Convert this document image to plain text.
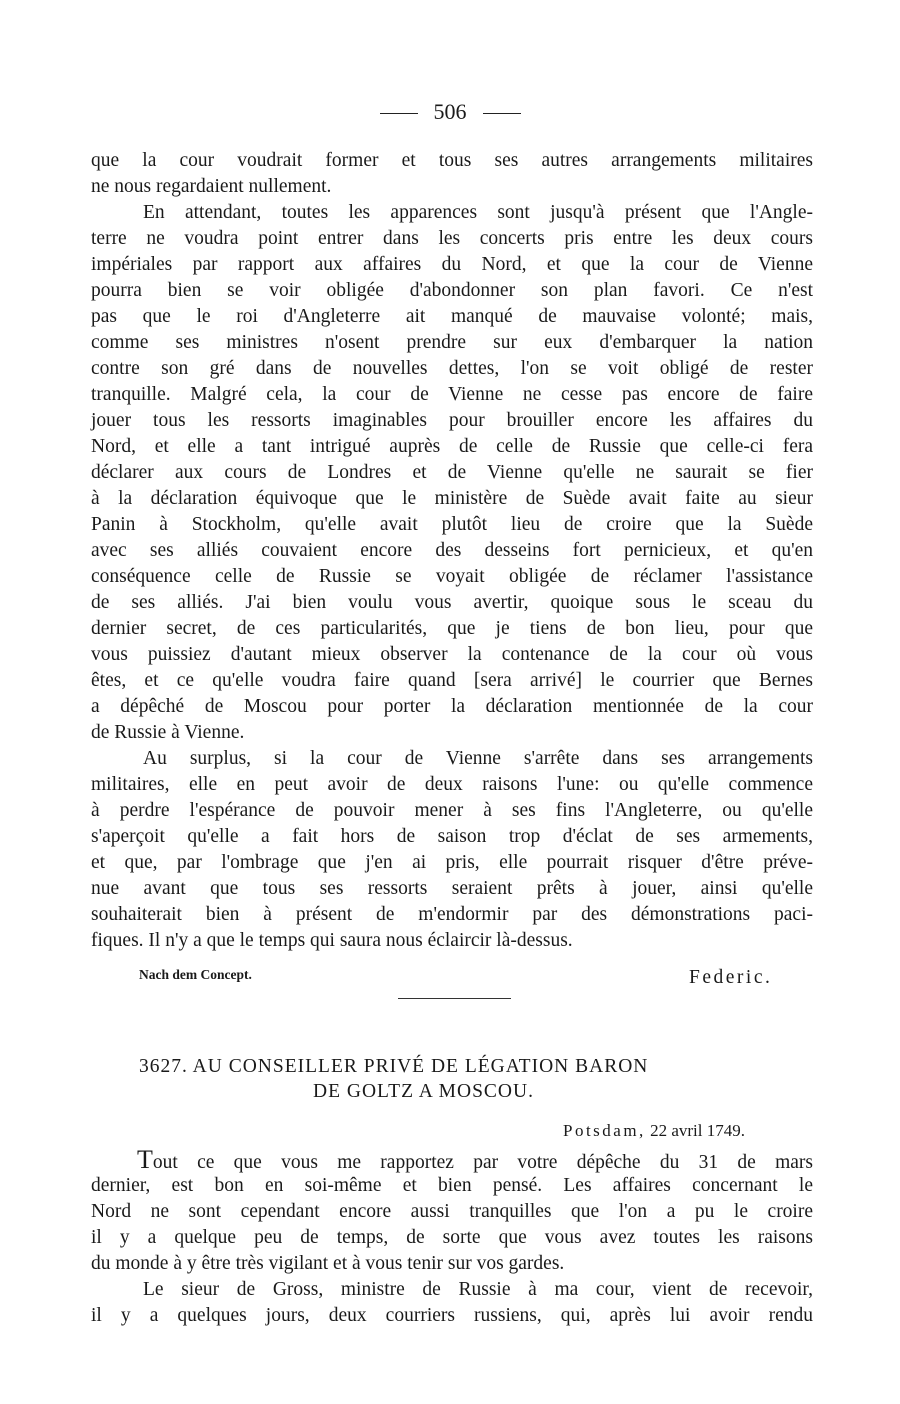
506
que la cour voudrait former et tous ses autres arrangements militaires
ne nous regardaient nullement.
En attendant, toutes les apparences sont jusqu'à présent que l'Angle-
terre ne voudra point entrer dans les concerts pris entre les deux cours
impériales par rapport aux affaires du Nord, et que la cour de Vienne
pourra bien se voir obligée d'abondonner son plan favori. Ce n'est
pas que le roi d'Angleterre ait manqué de mauvaise volonté; mais,
comme ses ministres n'osent prendre sur eux d'embarquer la nation
contre son gré dans de nouvelles dettes, l'on se voit obligé de rester
tranquille. Malgré cela, la cour de Vienne ne cesse pas encore de faire
jouer tous les ressorts imaginables pour brouiller encore les affaires du
Nord, et elle a tant intrigué auprès de celle de Russie que celle-ci fera
déclarer aux cours de Londres et de Vienne qu'elle ne saurait se fier
à la déclaration équivoque que le ministère de Suède avait faite au sieur
Panin à Stockholm, qu'elle avait plutôt lieu de croire que la Suède
avec ses alliés couvaient encore des desseins fort pernicieux, et qu'en
conséquence celle de Russie se voyait obligée de réclamer l'assistance
de ses alliés. J'ai bien voulu vous avertir, quoique sous le sceau du
dernier secret, de ces particularités, que je tiens de bon lieu, pour que
vous puissiez d'autant mieux observer la contenance de la cour où vous
êtes, et ce qu'elle voudra faire quand [sera arrivé] le courrier que Bernes
a dépêché de Moscou pour porter la déclaration mentionnée de la cour
de Russie à Vienne.
Au surplus, si la cour de Vienne s'arrête dans ses arrangements
militaires, elle en peut avoir de deux raisons l'une: ou qu'elle commence
à perdre l'espérance de pouvoir mener à ses fins l'Angleterre, ou qu'elle
s'aperçoit qu'elle a fait hors de saison trop d'éclat de ses armements,
et que, par l'ombrage que j'en ai pris, elle pourrait risquer d'être préve-
nue avant que tous ses ressorts seraient prêts à jouer, ainsi qu'elle
souhaiterait bien à présent de m'endormir par des démonstrations paci-
fiques. Il n'y a que le temps qui saura nous éclaircir là-dessus.
Nach dem Concept.	Federic.
3627. AU CONSEILLER PRIVÉ DE LÉGATION BARON
DE GOLTZ A MOSCOU.
Potsdam, 22 avril 1749.
Tout ce que vous me rapportez par votre dépêche du 31 de mars
dernier, est bon en soi-même et bien pensé. Les affaires concernant le
Nord ne sont cependant encore aussi tranquilles que l'on a pu le croire
il y a quelque peu de temps, de sorte que vous avez toutes les raisons
du monde à y être très vigilant et à vous tenir sur vos gardes.
Le sieur de Gross, ministre de Russie à ma cour, vient de recevoir,
il y a quelques jours, deux courriers russiens, qui, après lui avoir rendu
